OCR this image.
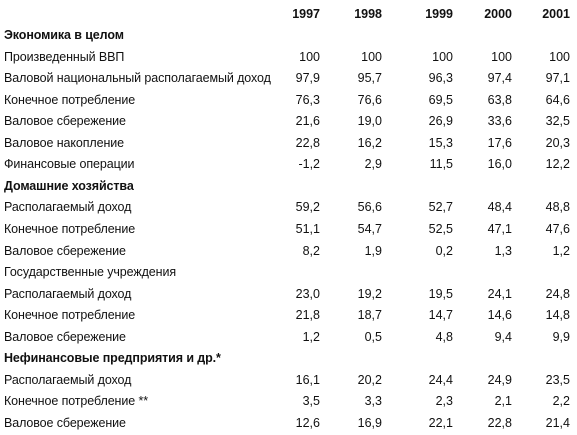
1997	1998	1999	2000	2001
Экономика в целом
Произведенный ВВП	100	100	100	100	100
Валовой национальный располагаемый доход	97,9	95,7	96,3	97,4	97,1
Конечное потребление	76,3	76,6	69,5	63,8	64,6
Валовое сбережение	21,6	19,0	26,9	33,6	32,5
Валовое накопление	22,8	16,2	15,3	17,6	20,3
Финансовые операции	-1,2	2,9	11,5	16,0	12,2
Домашние хозяйства
Располагаемый доход	59,2	56,6	52,7	48,4	48,8
Конечное потребление	51,1	54,7	52,5	47,1	47,6
Валовое сбережение	8,2	1,9	0,2	1,3	1,2
Государственные учреждения
Располагаемый доход	23,0	19,2	19,5	24,1	24,8
Конечное потребление	21,8	18,7	14,7	14,6	14,8
Валовое сбережение	1,2	0,5	4,8	9,4	9,9
Нефинансовые предприятия и др.*
Располагаемый доход	16,1	20,2	24,4	24,9	23,5
Конечное потребление **	3,5	3,3	2,3	2,1	2,2
Валовое сбережение	12,6	16,9	22,1	22,8	21,4
